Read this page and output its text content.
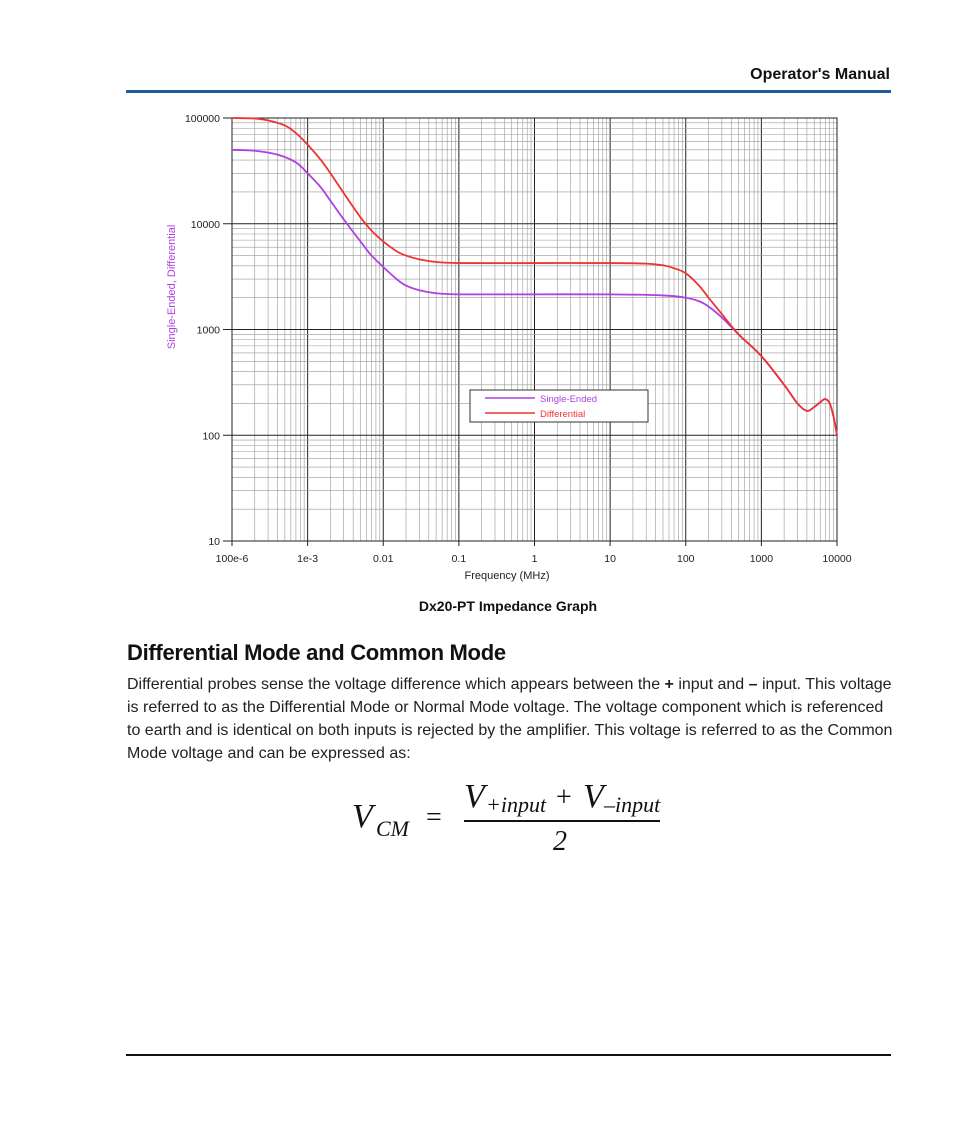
Operator's Manual
100e-6	1e-3	0.01	0.1	1	10	100	1000	10000
100000
10000
1000
100
10
Frequency (MHz)
Single-Ended, Differential
Single-Ended
Differential
Dx20-PT Impedance Graph
Differential Mode and Common Mode

Differential probes sense the voltage difference which appears between the + input and – input. This voltage is referred to as the Differential Mode or Normal Mode voltage. The voltage component which is referenced to earth and is identical on both inputs is rejected by the amplifier. This voltage is referred to as the Common Mode voltage and can be expressed as:

V CM =
V +input + V –input
2
